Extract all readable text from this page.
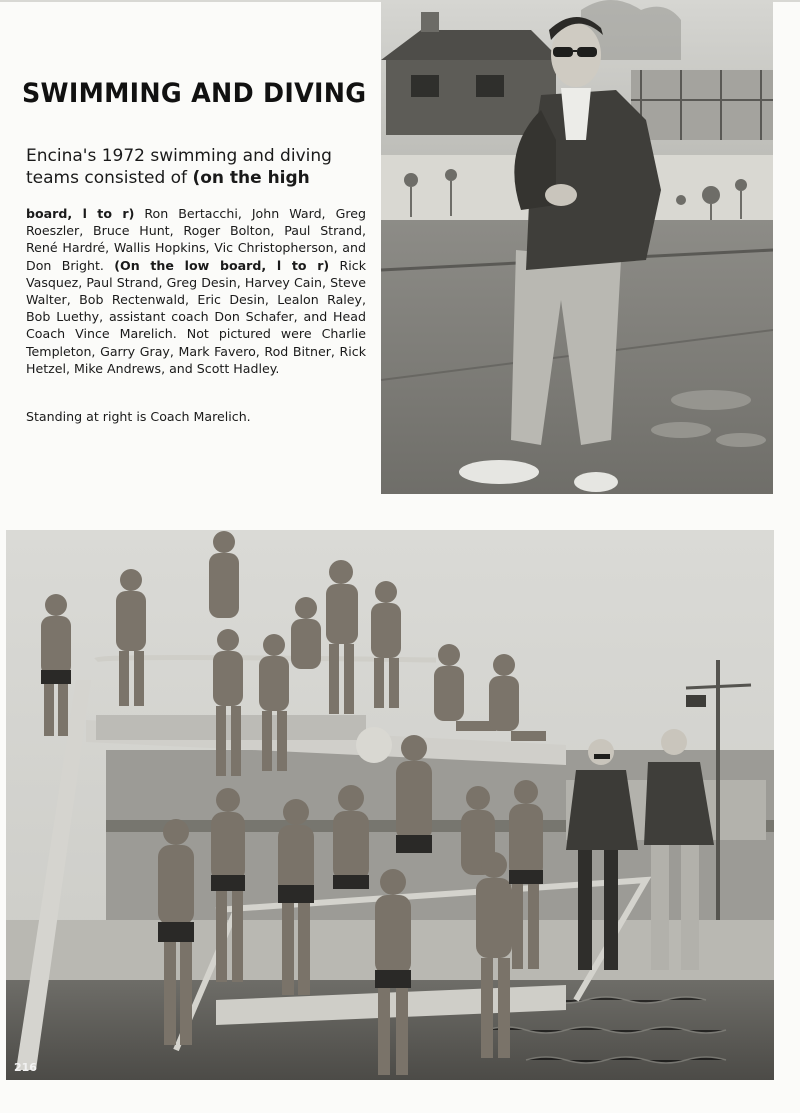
SWIMMING AND DIVING
Encina's 1972 swimming and diving teams consisted of (on the high
board, l to r) Ron Bertacchi, John Ward, Greg Roeszler, Bruce Hunt, Roger Bolton, Paul Strand, René Hardré, Wallis Hopkins, Vic Christopherson, and Don Bright. (On the low board, l to r) Rick Vasquez, Paul Strand, Greg Desin, Harvey Cain, Steve Walter, Bob Rectenwald, Eric Desin, Lealon Raley, Bob Luethy, assistant coach Don Schafer, and Head Coach Vince Marelich. Not pictured were Charlie Templeton, Garry Gray, Mark Favero, Rod Bitner, Rick Hetzel, Mike Andrews, and Scott Hadley.
Standing at right is Coach Marelich.
216
